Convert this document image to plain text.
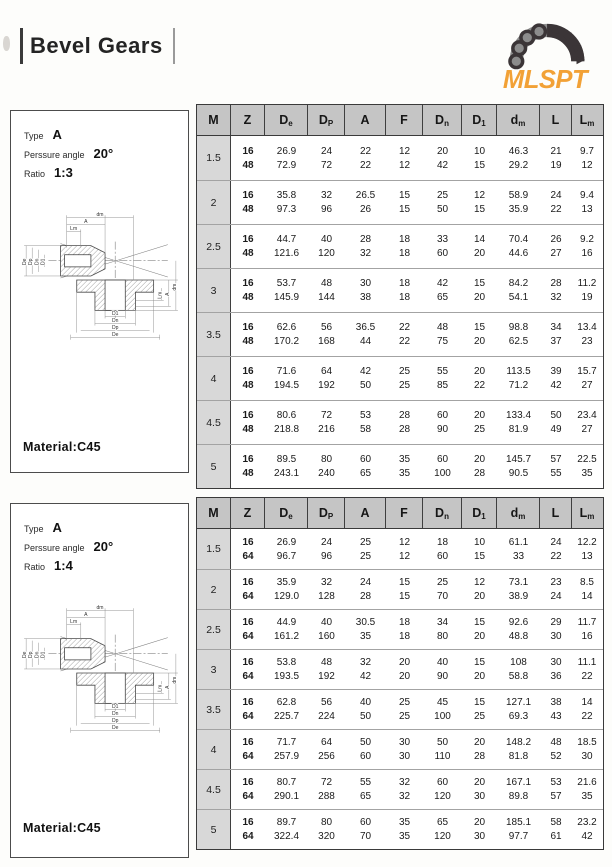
Bevel Gears
MLSPT
Type A
Perssure angle 20°
Ratio 1:3
dm
A
Lm
De Dp Dn D1
D1
Dn
Dp
De
Lm A
dm
Material:C45
M Z $D_e$ $D_P$ A F $D_n$ $D_1$ $d_m$ L $L_m$
1.5
16
48
26.9
72.9
24
72
22
22
12
12
20
42
10
15
46.3
29.2
21
19
9.7
12
2
16
48
35.8
97.3
32
96
26.5
26
15
15
25
50
12
15
58.9
35.9
24
22
9.4
13
2.5
16
48
44.7
121.6
40
120
28
32
18
18
33
60
14
20
70.4
44.6
26
27
9.2
16
3
16
48
53.7
145.9
48
144
30
38
18
18
42
65
15
20
84.2
54.1
28
32
11.2
19
3.5
16
48
62.6
170.2
56
168
36.5
44
22
22
48
75
15
20
98.8
62.5
34
37
13.4
23
4
16
48
71.6
194.5
64
192
42
50
25
25
55
85
20
22
113.5
71.2
39
42
15.7
27
4.5
16
48
80.6
218.8
72
216
53
58
28
28
60
90
20
25
133.4
81.9
50
49
23.4
27
5
16
48
89.5
243.1
80
240
60
65
35
35
60
100
20
28
145.7
90.5
57
55
22.5
35
Type A
Perssure angle 20°
Ratio 1:4
dm
A
Lm
De Dp Dn D1
D1
Dn
Dp
De
Lm A
dm
Material:C45
M Z $D_e$ $D_P$ A F $D_n$ $D_1$ $d_m$ L $L_m$
1.5
16
64
26.9
96.7
24
96
25
25
12
12
18
60
10
15
61.1
33
24
22
12.2
13
2
16
64
35.9
129.0
32
128
24
28
15
15
25
70
12
20
73.1
38.9
23
24
8.5
14
2.5
16
64
44.9
161.2
40
160
30.5
35
18
18
34
80
15
20
92.6
48.8
29
30
11.7
16
3
16
64
53.8
193.5
48
192
32
42
20
20
40
90
15
20
108
58.8
30
36
11.1
22
3.5
16
64
62.8
225.7
56
224
40
50
25
25
45
100
15
25
127.1
69.3
38
43
14
22
4
16
64
71.7
257.9
64
256
50
60
30
30
50
110
20
28
148.2
81.8
48
52
18.5
30
4.5
16
64
80.7
290.1
72
288
55
65
32
32
60
120
20
30
167.1
89.8
53
57
21.6
35
5
16
64
89.7
322.4
80
320
60
70
35
35
65
120
20
30
185.1
97.7
58
61
23.2
42
